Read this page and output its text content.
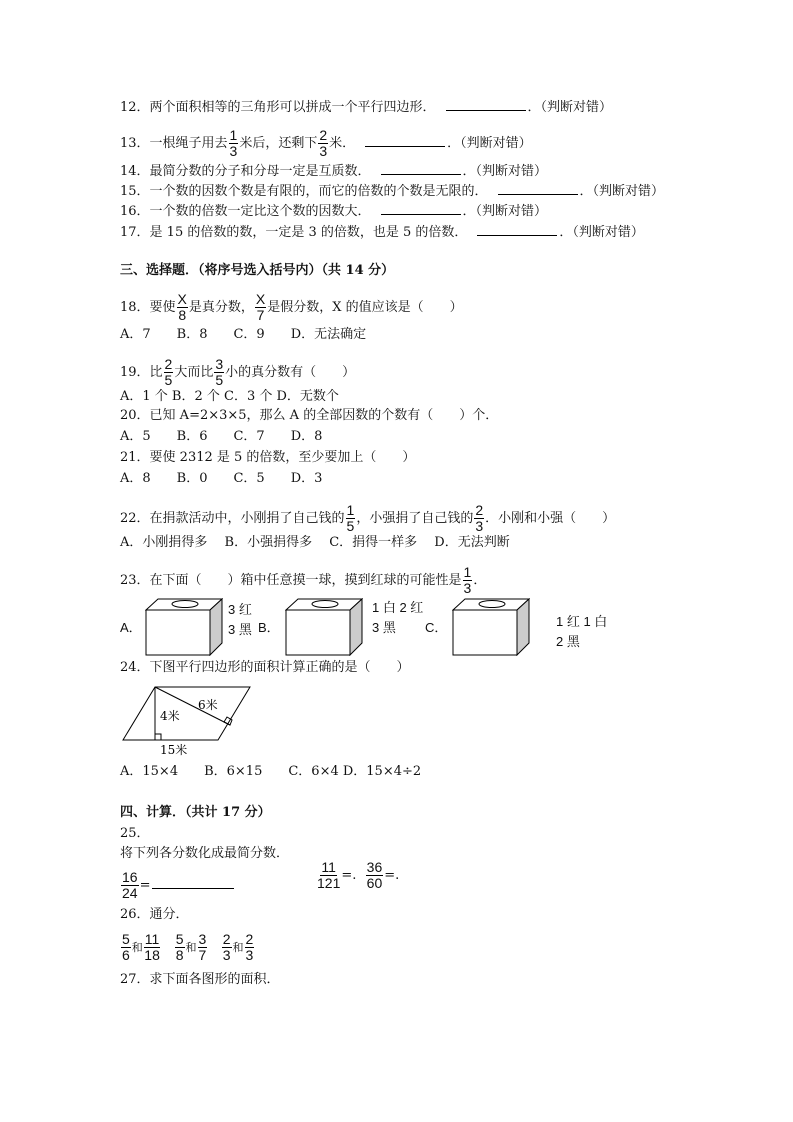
12．两个面积相等的三角形可以拼成一个平行四边形．	．（判断对错）
13．一根绳子用去 $\frac{1}{3}$ 米后，还剩下 $\frac{2}{3}$ 米．	．（判断对错）
14．最简分数的分子和分母一定是互质数．	．（判断对错）
15．一个数的因数个数是有限的，而它的倍数的个数是无限的．	．（判断对错）
16．一个数的倍数一定比这个数的因数大．	．（判断对错）
17．是 15 的倍数的数，一定是 3 的倍数，也是 5 的倍数．	．（判断对错）
三、选择题．（将序号选入括号内）（共 14 分）
18．要使 $\frac{X}{8}$ 是真分数， $\frac{X}{7}$ 是假分数，X 的值应该是（　　）
A．7　　B．8　　C．9　　D．无法确定
19．比 $\frac{2}{5}$ 大而比 $\frac{3}{5}$ 小的真分数有（　　）
A．1 个 B．2 个 C．3 个 D．无数个
20．已知 A=2×3×5，那么 A 的全部因数的个数有（　　）个．
A．5　　B．6　　C．7　　D．8
21．要使 2312 是 5 的倍数，至少要加上（　　）
A．8　　B．0　　C．5　　D．3
22．在捐款活动中，小刚捐了自己钱的 $\frac{1}{5}$ ，小强捐了自己钱的 $\frac{2}{3}$ ．小刚和小强（　　）
A．小刚捐得多　 B．小强捐得多　 C．捐得一样多　 D．无法判断
23．在下面（　　）箱中任意摸一球，摸到红球的可能性是 $\frac{1}{3}$ ．
A．
3 红
3 黑 B．
1 白 2 红
3 黑	C．	1 红 1 白
2 黑
24．下图平行四边形的面积计算正确的是（　　）
4米
6米
15米
A．15×4　　B．6×15　　C．6×4 D．15×4÷2
四、计算．（共计 17 分）
25．
将下列各分数化成最简分数．
$\frac{16}{24}$ =	$\frac{11}{121}$ =. $\frac{36}{60}$ =.
26．通分．
$\frac{5}{6}$ 和 $\frac{11}{18}$
$\frac{5}{8}$ 和 $\frac{3}{7}$
$\frac{2}{3}$ 和 $\frac{2}{3}$
27．求下面各图形的面积．
